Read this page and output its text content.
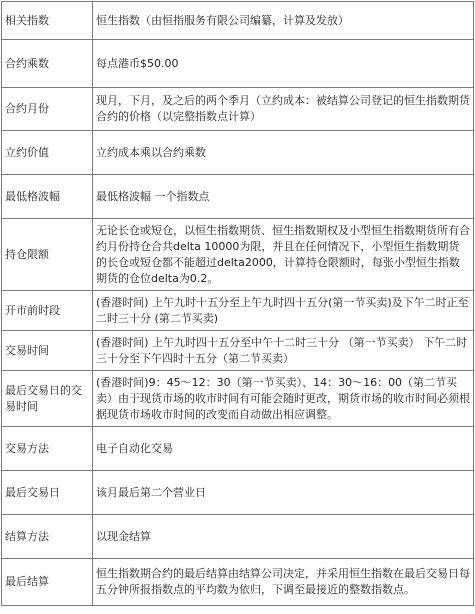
相关指数	恒生指数（由恒指服务有限公司编纂，计算及发放）
合约乘数	每点港币$50.00
合约月份	现月，下月，及之后的两个季月（立约成本：被结算公司登记的恒生指数期货合约的价格（以完整指数点计算）
立约价值	立约成本乘以合约乘数
最低格波幅	最低格波幅 一个指数点
持仓限额	无论长仓或短仓，以恒生指数期货、恒生指数期权及小型恒生指数期货所有合约月份持仓合共delta 10000为限，并且在任何情况下，小型恒生指数期货的长仓或短仓都不能超过delta2000，计算持仓限额时，每张小型恒生指数期货的仓位delta为0.2。
开市前时段	(香港时间) 上午九时十五分至上午九时四十五分(第一节买卖)及下午二时正至二时三十分 (第二节买卖)
交易时间	(香港时间) 上午九时四十五分至中午十二时三十分 （第一节买卖） 下午二时三十分至下午四时十五分（第二节买卖）
最后交易日的交易时间	(香港时间)9：45～12：30（第一节买卖）、14：30～16：00（第二节买卖）由于现货市场的收市时间有可能会随时更改，期货市场的收市时间必须根据现货市场收市时间的改变而自动做出相应调整。
交易方法	电子自动化交易
最后交易日	该月最后第二个营业日
结算方法	以现金结算
最后结算	恒生指数期合约的最后结算由结算公司决定，并采用恒生指数在最后交易日每五分钟所报指数点的平均数为依归，下调至最接近的整数指数点。
